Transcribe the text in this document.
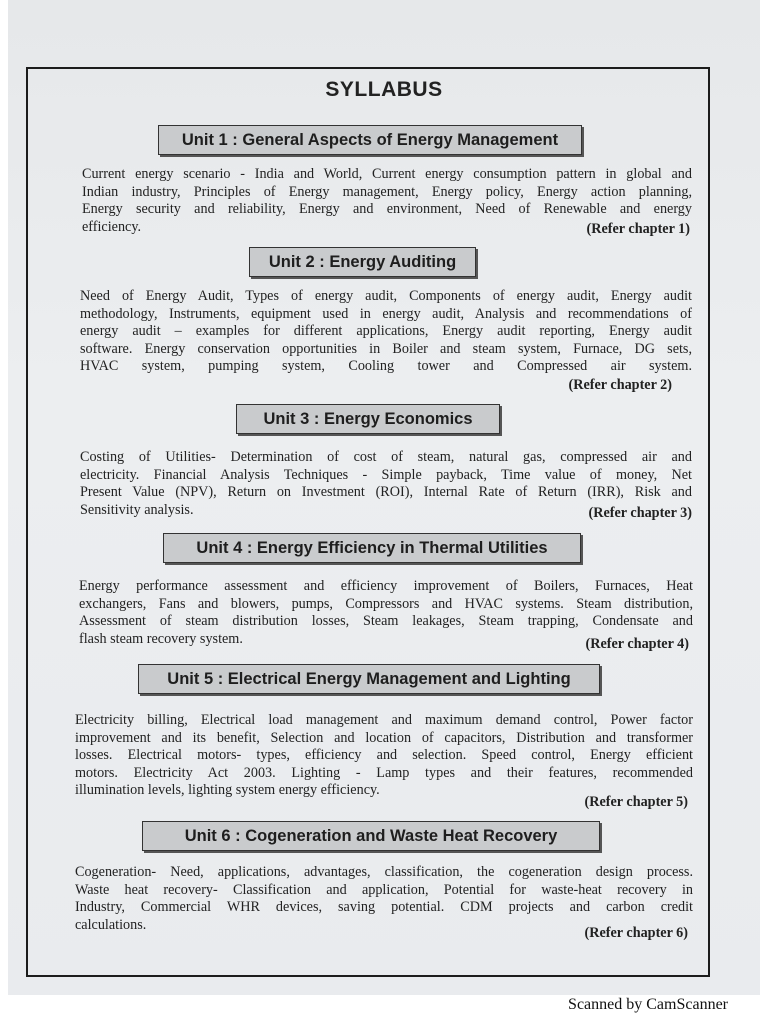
SYLLABUS
Unit 1 : General Aspects of Energy Management
Current energy scenario - India and World, Current energy consumption pattern in global and
Indian industry, Principles of Energy management, Energy policy, Energy action planning,
Energy security and reliability, Energy and environment, Need of Renewable and energy
efficiency.	(Refer chapter 1)
Unit 2 : Energy Auditing
Need of Energy Audit, Types of energy audit, Components of energy audit, Energy audit
methodology, Instruments, equipment used in energy audit, Analysis and recommendations of
energy audit – examples for different applications, Energy audit reporting, Energy audit
software. Energy conservation opportunities in Boiler and steam system, Furnace, DG sets,
HVAC system, pumping system, Cooling tower and Compressed air system.
(Refer chapter 2)
Unit 3 : Energy Economics
Costing of Utilities- Determination of cost of steam, natural gas, compressed air and
electricity. Financial Analysis Techniques - Simple payback, Time value of money, Net
Present Value (NPV), Return on Investment (ROI), Internal Rate of Return (IRR), Risk and
Sensitivity analysis.	(Refer chapter 3)
Unit 4 : Energy Efficiency in Thermal Utilities
Energy performance assessment and efficiency improvement of Boilers, Furnaces, Heat
exchangers, Fans and blowers, pumps, Compressors and HVAC systems. Steam distribution,
Assessment of steam distribution losses, Steam leakages, Steam trapping, Condensate and
flash steam recovery system.	(Refer chapter 4)
Unit 5 : Electrical Energy Management and Lighting
Electricity billing, Electrical load management and maximum demand control, Power factor
improvement and its benefit, Selection and location of capacitors, Distribution and transformer
losses. Electrical motors- types, efficiency and selection. Speed control, Energy efficient
motors. Electricity Act 2003. Lighting - Lamp types and their features, recommended
illumination levels, lighting system energy efficiency.
(Refer chapter 5)
Unit 6 : Cogeneration and Waste Heat Recovery
Cogeneration- Need, applications, advantages, classification, the cogeneration design process.
Waste heat recovery- Classification and application, Potential for waste-heat recovery in
Industry, Commercial WHR devices, saving potential. CDM projects and carbon credit
calculations.
(Refer chapter 6)
Scanned by CamScanner
